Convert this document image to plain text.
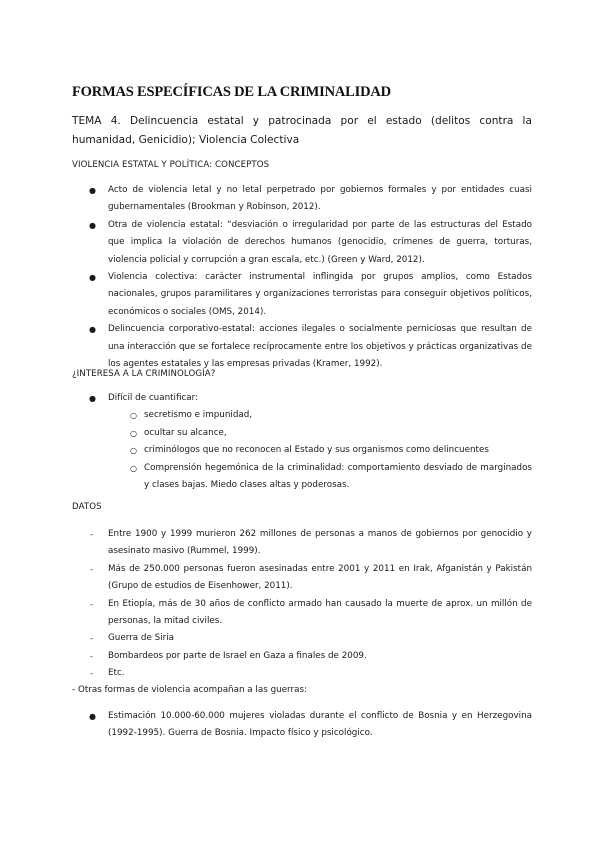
FORMAS ESPECÍFICAS DE LA CRIMINALIDAD
TEMA 4. Delincuencia estatal y patrocinada por el estado (delitos contra la humanidad, Genicidio); Violencia Colectiva
VIOLENCIA ESTATAL Y POLÍTICA: CONCEPTOS
● Acto de violencia letal y no letal perpetrado por gobiernos formales y por entidades cuasi gubernamentales (Brookman y Robinson, 2012).
● Otra de violencia estatal: “desviación o irregularidad por parte de las estructuras del Estado que implica la violación de derechos humanos (genocidio, crímenes de guerra, torturas, violencia policial y corrupción a gran escala, etc.) (Green y Ward, 2012).
● Violencia colectiva: carácter instrumental inflingida por grupos amplios, como Estados nacionales, grupos paramilitares y organizaciones terroristas para conseguir objetivos políticos, económicos o sociales (OMS, 2014).
● Delincuencia corporativo-estatal: acciones ilegales o socialmente perniciosas que resultan de una interacción que se fortalece recíprocamente entre los objetivos y prácticas organizativas de los agentes estatales y las empresas privadas (Kramer, 1992).
¿INTERESA A LA CRIMINOLOGÍA?
● Difícil de cuantificar:
○ secretismo e impunidad,
○ ocultar su alcance,
○ criminólogos que no reconocen al Estado y sus organismos como delincuentes
○ Comprensión hegemónica de la criminalidad: comportamiento desviado de marginados y clases bajas. Miedo clases altas y poderosas.
DATOS
- Entre 1900 y 1999 murieron 262 millones de personas a manos de gobiernos por genocidio y asesinato masivo (Rummel, 1999).
- Más de 250.000 personas fueron asesinadas entre 2001 y 2011 en Irak, Afganistán y Pakistán (Grupo de estudios de Eisenhower, 2011).
- En Etiopía, más de 30 años de conflicto armado han causado la muerte de aprox. un millón de personas, la mitad civiles.
- Guerra de Siria
- Bombardeos por parte de Israel en Gaza a finales de 2009.
- Etc.
- Otras formas de violencia acompañan a las guerras:
● Estimación 10.000-60.000 mujeres violadas durante el conflicto de Bosnia y en Herzegovina (1992-1995). Guerra de Bosnia. Impacto físico y psicológico.
